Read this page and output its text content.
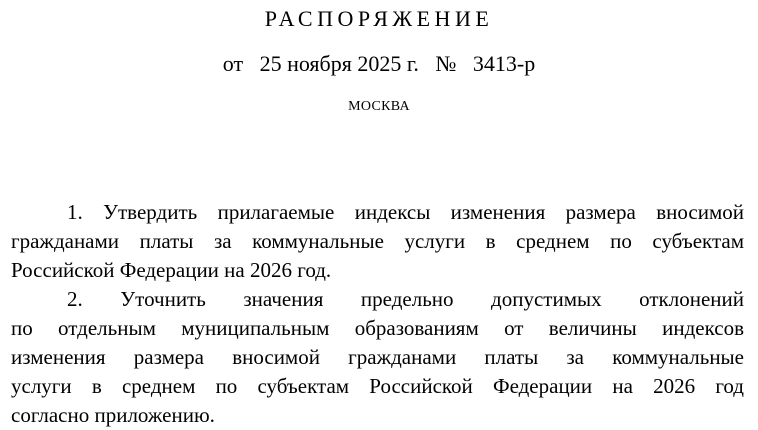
РАСПОРЯЖЕНИЕ
от 25 ноября 2025 г. № 3413-р
МОСКВА
1. Утвердить прилагаемые индексы изменения размера вносимой
гражданами платы за коммунальные услуги в среднем по субъектам
Российской Федерации на 2026 год.
2. Уточнить значения предельно допустимых отклонений
по отдельным муниципальным образованиям от величины индексов
изменения размера вносимой гражданами платы за коммунальные
услуги в среднем по субъектам Российской Федерации на 2026 год
согласно приложению.
